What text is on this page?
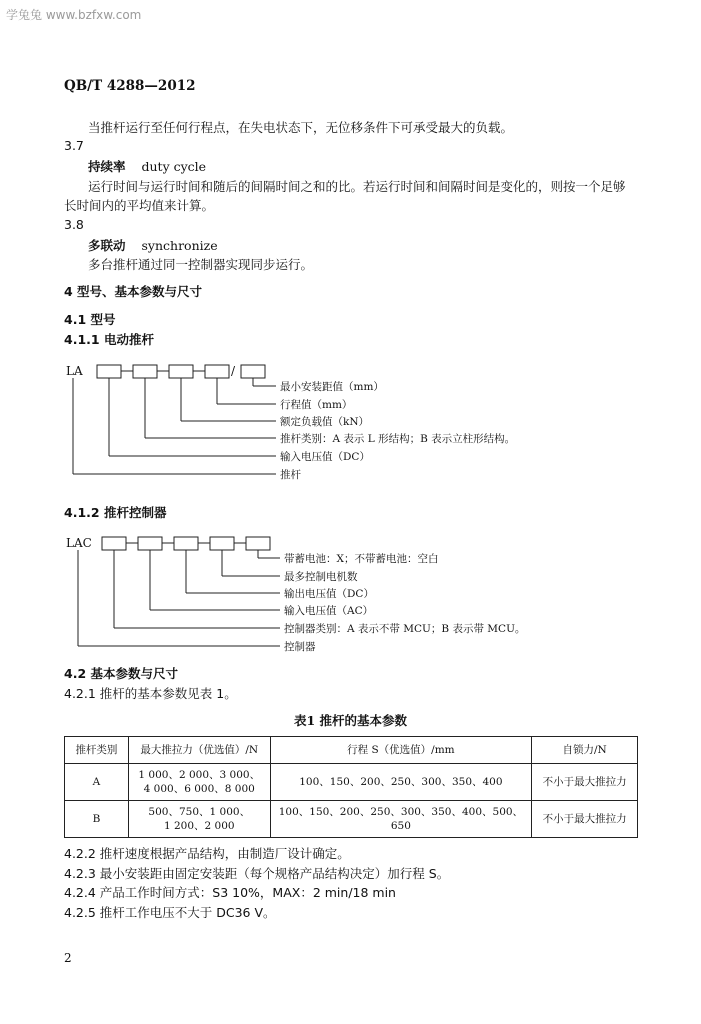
学兔兔 www.bzfxw.com
QB/T 4288—2012
当推杆运行至任何行程点，在失电状态下，无位移条件下可承受最大的负载。
3.7
持续率 duty cycle
运行时间与运行时间和随后的间隔时间之和的比。若运行时间和间隔时间是变化的，则按一个足够
长时间内的平均值来计算。
3.8
多联动 synchronize
多台推杆通过同一控制器实现同步运行。
4 型号、基本参数与尺寸
4.1 型号
4.1.1 电动推杆
LA	/
最小安装距值（mm）
行程值（mm）
额定负载值（kN）
推杆类别：A 表示 L 形结构；B 表示立柱形结构。
输入电压值（DC）
推杆
4.1.2 推杆控制器
LAC
带蓄电池：X；不带蓄电池：空白
最多控制电机数
输出电压值（DC）
输入电压值（AC）
控制器类别：A 表示不带 MCU；B 表示带 MCU。
控制器
4.2 基本参数与尺寸
4.2.1 推杆的基本参数见表 1。
表1 推杆的基本参数
推杆类别	最大推拉力（优选值）/N	行程 S（优选值）/mm	自锁力/N
A	1 000、2 000、3 000、
4 000、6 000、8 000	100、150、200、250、300、350、400	不小于最大推拉力
B	500、750、1 000、
1 200、2 000	100、150、200、250、300、350、400、500、650	不小于最大推拉力
4.2.2 推杆速度根据产品结构，由制造厂设计确定。
4.2.3 最小安装距由固定安装距（每个规格产品结构决定）加行程 S。
4.2.4 产品工作时间方式：S3 10%，MAX：2 min/18 min
4.2.5 推杆工作电压不大于 DC36 V。
2
